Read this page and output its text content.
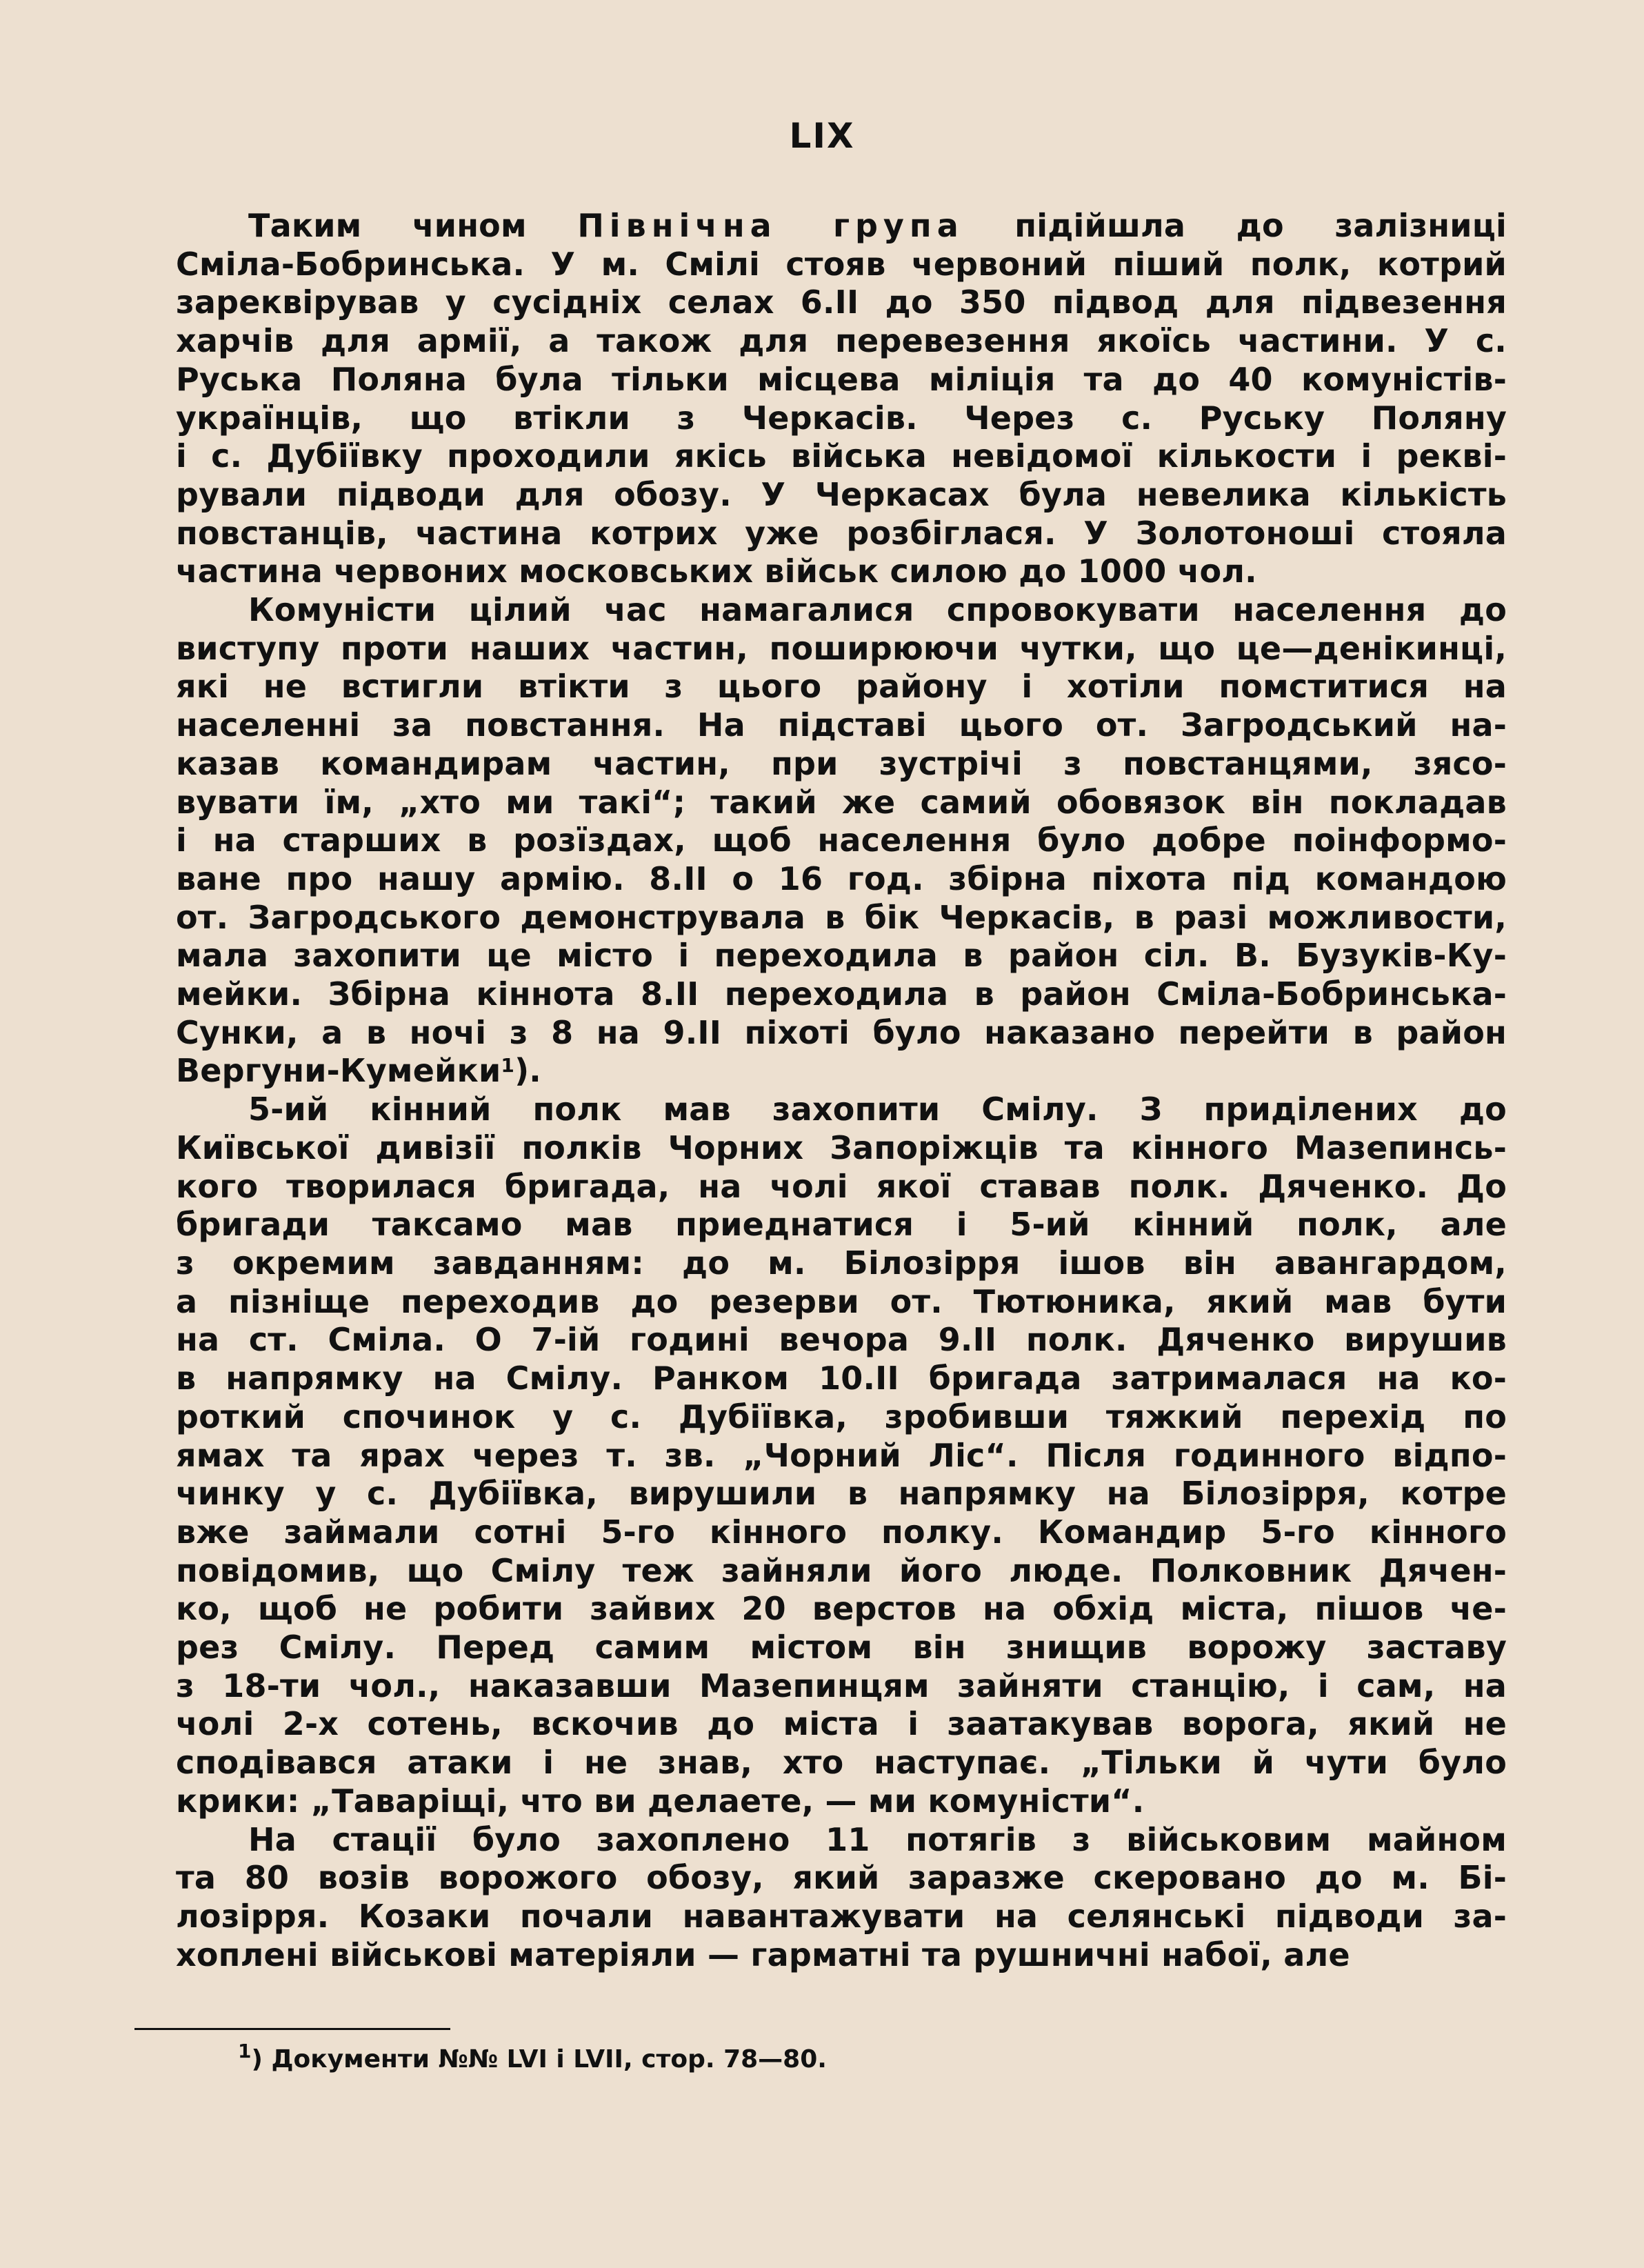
LIX
Таким чином Північна група підійшла до залізниці
Сміла-Бобринська. У м. Смілі стояв червоний піший полк, котрий
зареквірував у сусідніх селах 6.II до 350 підвод для підвезення
харчів для армії, а також для перевезення якоїсь частини. У с.
Руська Поляна була тільки місцева міліція та до 40 комуністів-
українців, що втікли з Черкасів. Через с. Руську Поляну
і с. Дубіївку проходили якісь війська невідомої кількости і рекві-
рували підводи для обозу. У Черкасах була невелика кількість
повстанців, частина котрих уже розбіглася. У Золотоноші стояла
частина червоних московських військ силою до 1000 чол.
Комуністи цілий час намагалися спровокувати населення до
виступу проти наших частин, поширюючи чутки, що це—денікинці,
які не встигли втікти з цього району і хотіли помститися на
населенні за повстання. На підставі цього от. Загродський на-
казав командирам частин, при зустрічі з повстанцями, зясо-
вувати їм, „хто ми такі“; такий же самий обовязок він покладав
і на старших в розїздах, щоб населення було добре поінформо-
ване про нашу армію. 8.II о 16 год. збірна піхота під командою
от. Загродського демонструвала в бік Черкасів, в разі можливости,
мала захопити це місто і переходила в район сіл. В. Бузуків-Ку-
мейки. Збірна кіннота 8.II переходила в район Сміла-Бобринська-
Сунки, а в ночі з 8 на 9.II піхоті було наказано перейти в район
Вергуни-Кумейки$^1$).
5-ий кінний полк мав захопити Смілу. З приділених до
Київської дивізії полків Чорних Запоріжців та кінного Мазепинсь-
кого творилася бригада, на чолі якої ставав полк. Дяченко. До
бригади таксамо мав приеднатися і 5-ий кінний полк, але
з окремим завданням: до м. Білозірря ішов він авангардом,
а пізніще переходив до резерви от. Тютюника, який мав бути
на ст. Сміла. О 7-ій годині вечора 9.II полк. Дяченко вирушив
в напрямку на Смілу. Ранком 10.II бригада затрималася на ко-
роткий спочинок у с. Дубіївка, зробивши тяжкий перехід по
ямах та ярах через т. зв. „Чорний Ліс“. Після годинного відпо-
чинку у с. Дубіївка, вирушили в напрямку на Білозірря, котре
вже займали сотні 5-го кінного полку. Командир 5-го кінного
повідомив, що Смілу теж зайняли його люде. Полковник Дячен-
ко, щоб не робити зайвих 20 верстов на обхід міста, пішов че-
рез Смілу. Перед самим містом він знищив ворожу заставу
з 18-ти чол., наказавши Мазепинцям зайняти станцію, і сам, на
чолі 2-х сотень, вскочив до міста і заатакував ворога, який не
сподівався атаки і не знав, хто наступає. „Тільки й чути було
крики: „Таваріщі, что ви делаете, — ми комуністи“.
На стації було захоплено 11 потягів з військовим майном
та 80 возів ворожого обозу, який заразже скеровано до м. Бі-
лозірря. Козаки почали навантажувати на селянські підводи за-
хоплені військові матеріяли — гарматні та рушничні набої, але
$^1$) Документи №№ LVI і LVII, стор. 78—80.
